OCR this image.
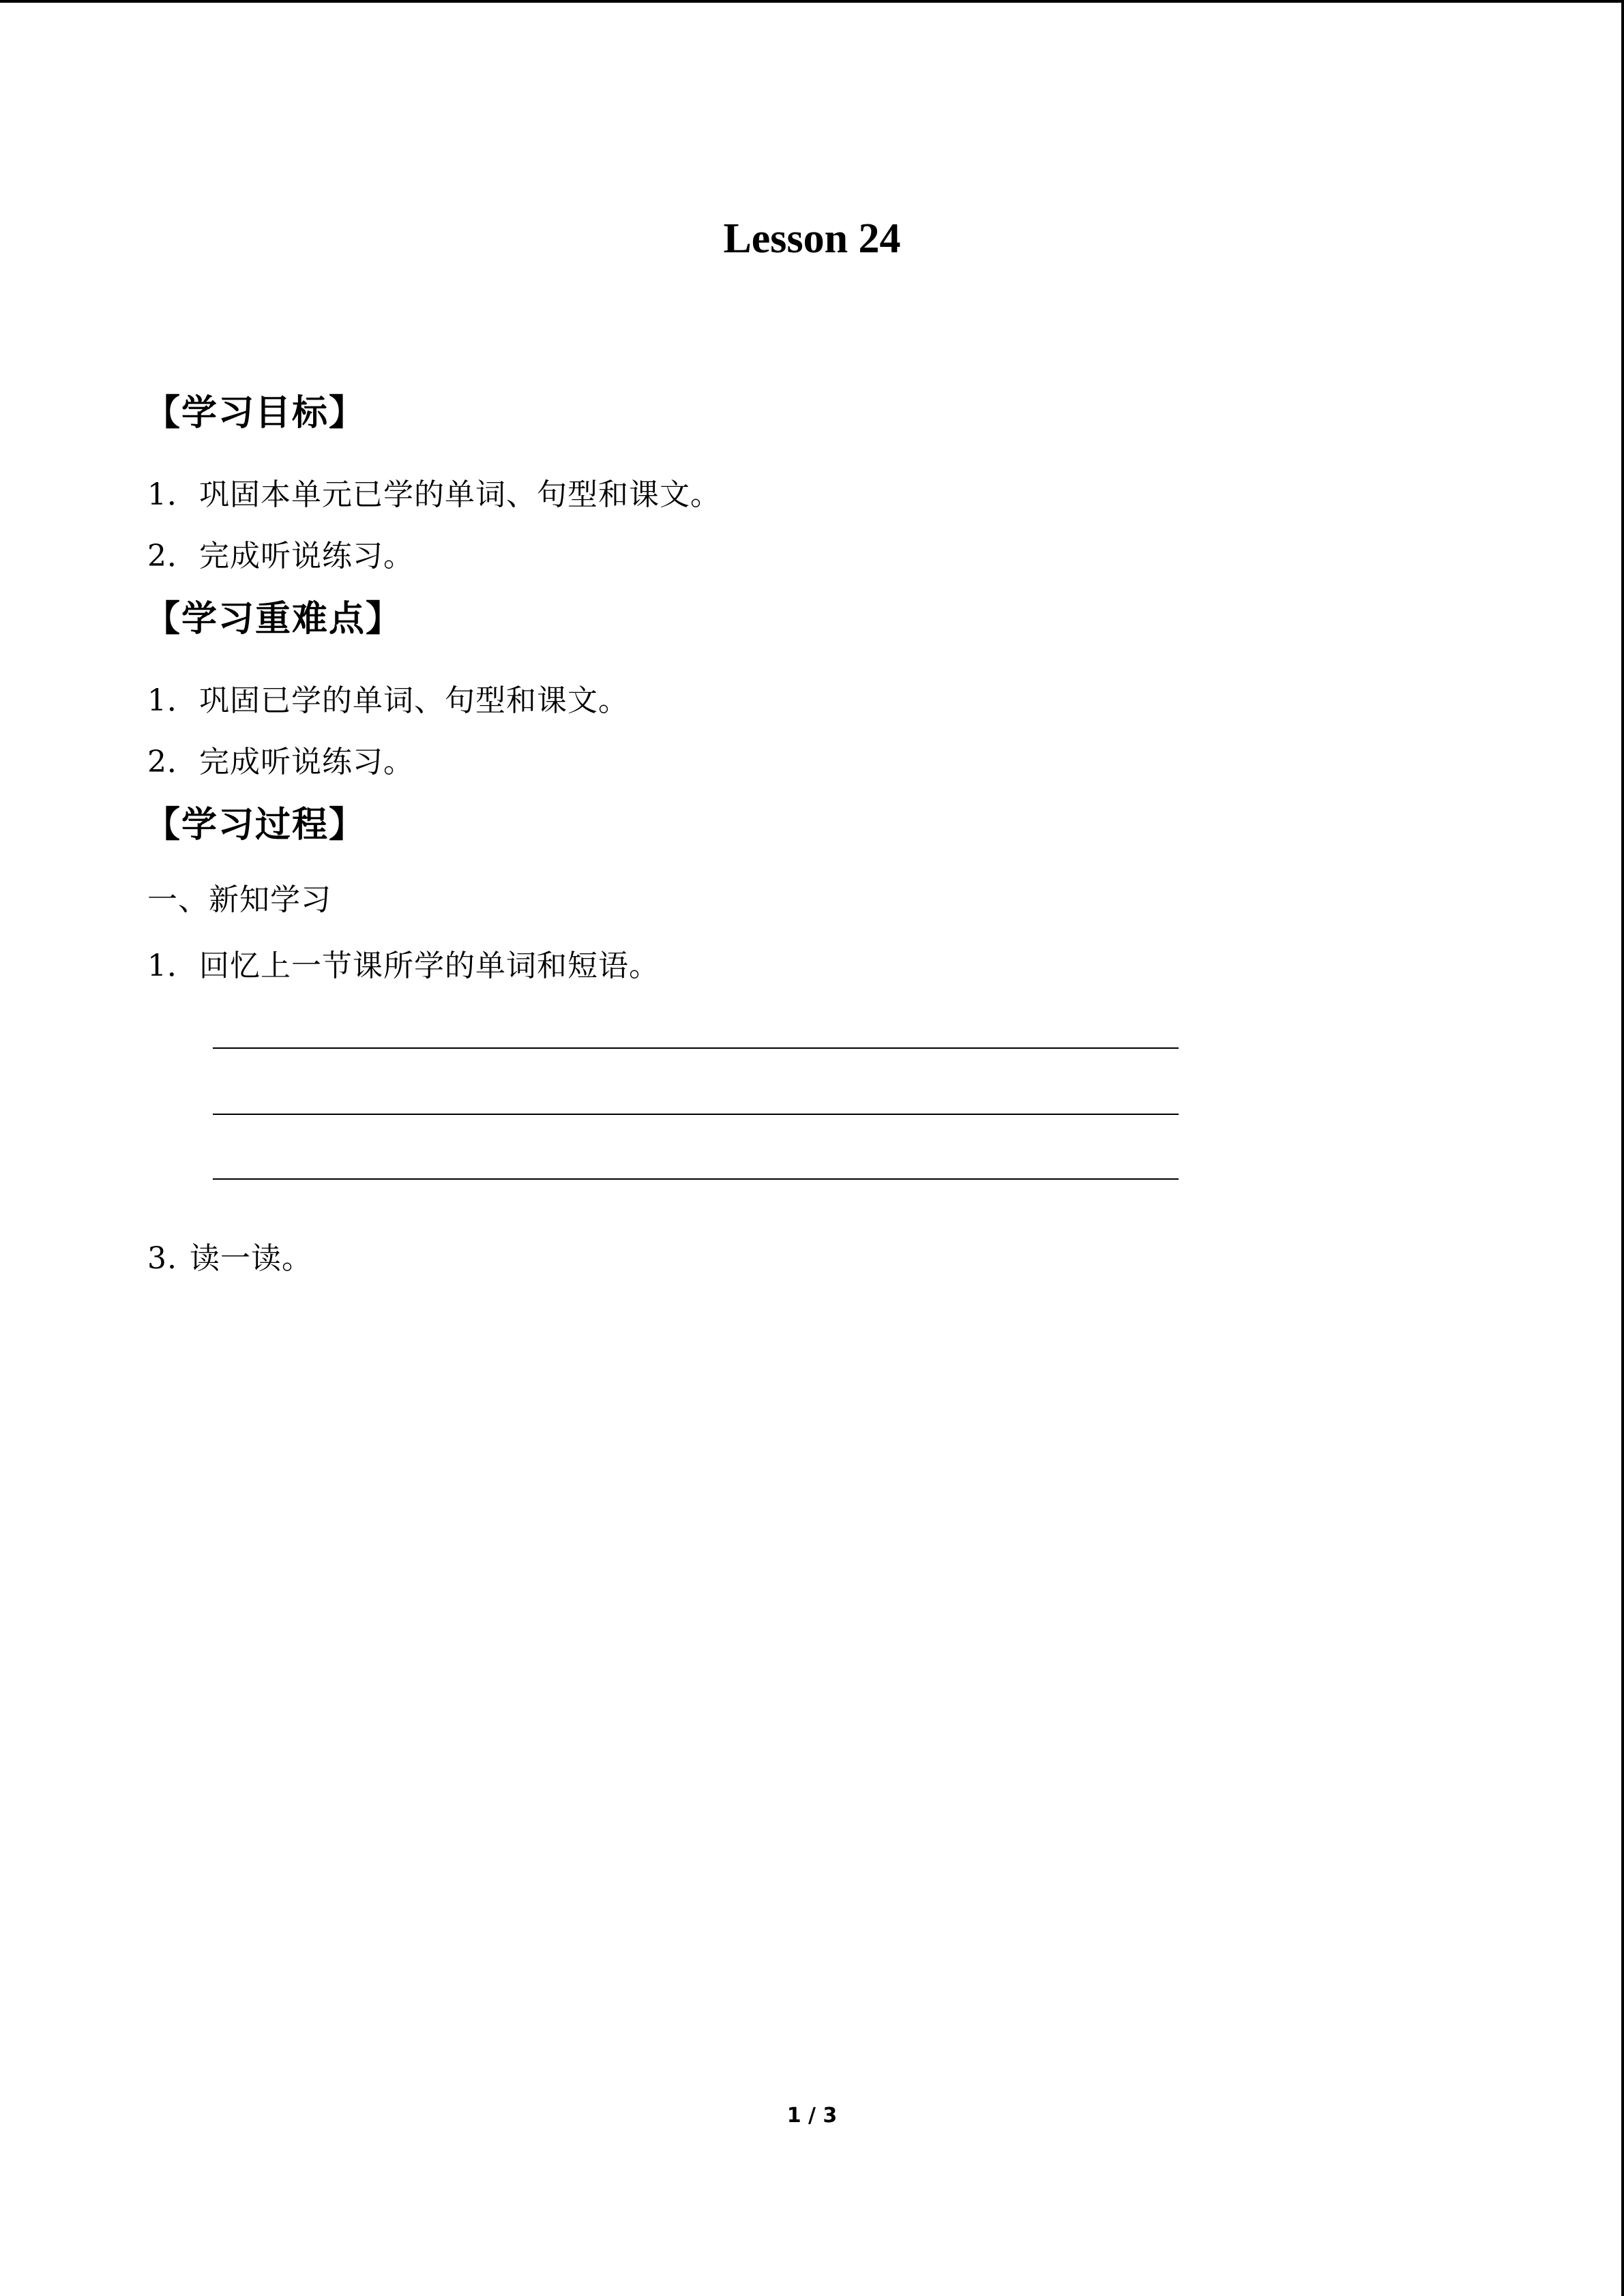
Lesson 24
【学习目标】
1．巩固本单元已学的单词、句型和课文。
2．完成听说练习。
【学习重难点】
1．巩固已学的单词、句型和课文。
2．完成听说练习。
【学习过程】
一、新知学习
1．回忆上一节课所学的单词和短语。
3. 读一读。
1 / 3
